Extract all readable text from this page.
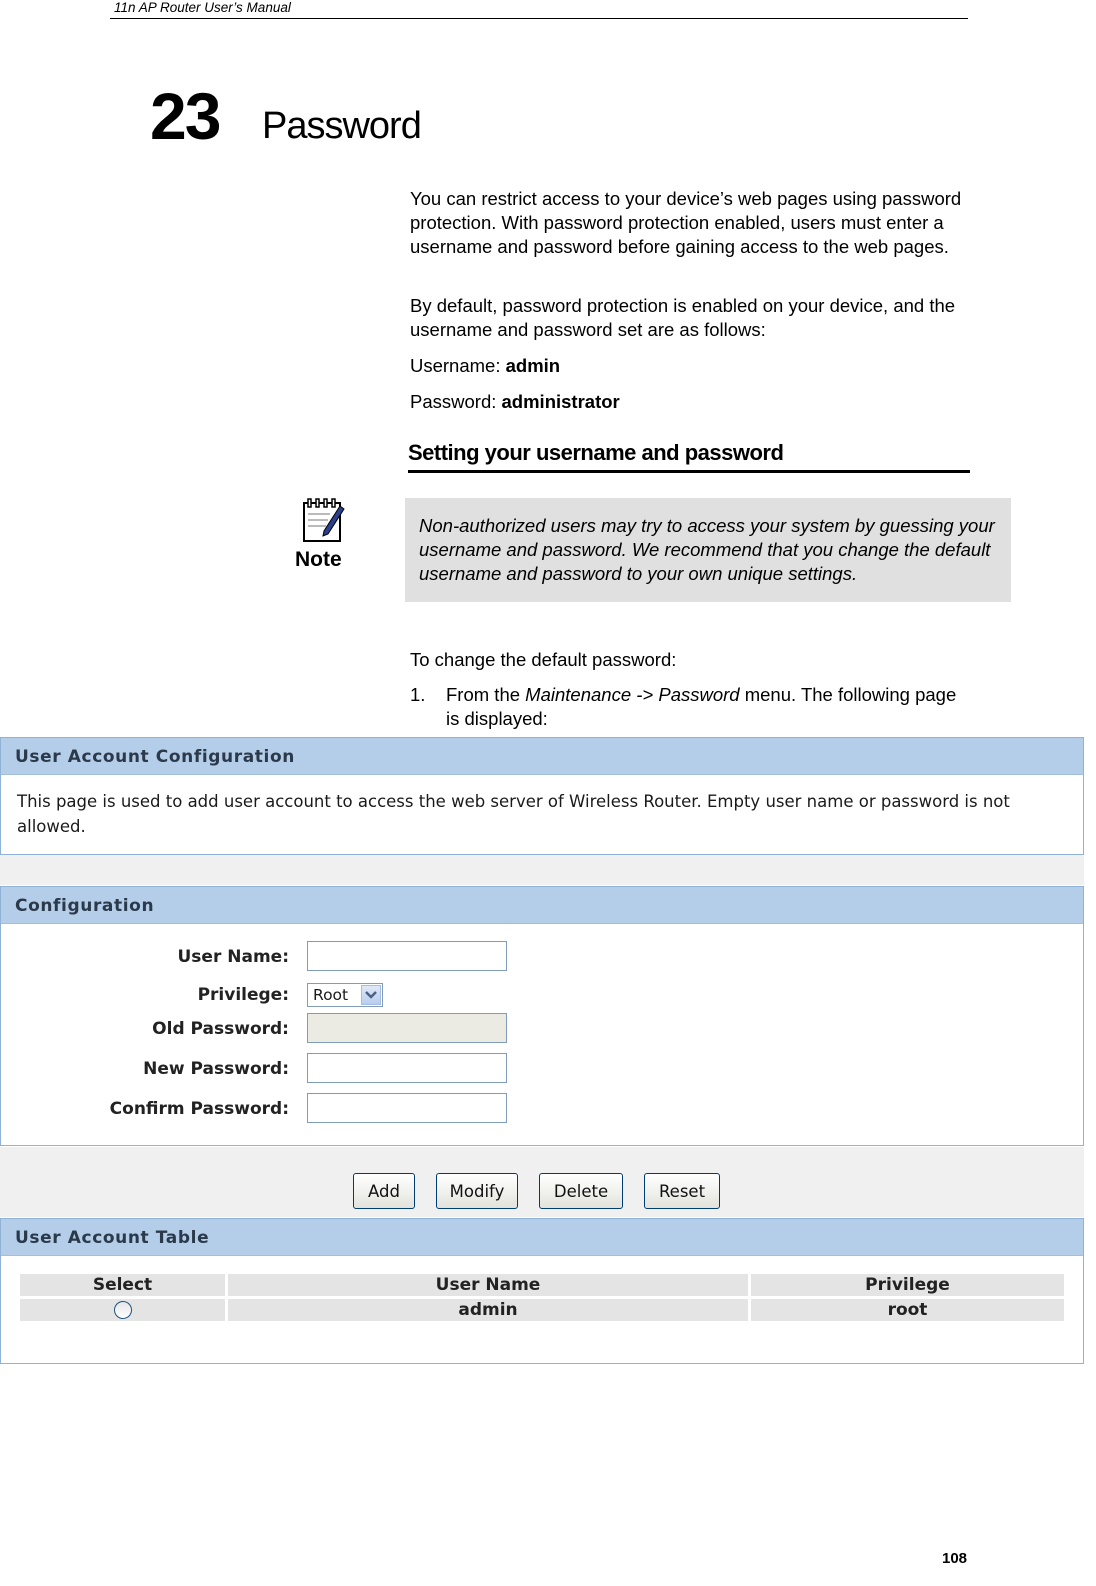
11n AP Router User’s Manual
23 Password
You can restrict access to your device’s web pages using password protection. With password protection enabled, users must enter a username and password before gaining access to the web pages.
By default, password protection is enabled on your device, and the username and password set are as follows:
Username: admin
Password: administrator
Setting your username and password
Note
Non-authorized users may try to access your system by guessing your username and password. We recommend that you change the default username and password to your own unique settings.
To change the default password:
1. From the Maintenance -> Password menu. The following page is displayed:
User Account Configuration
This page is used to add user account to access the web server of Wireless Router. Empty user name or password is not allowed.
Configuration
User Name:
Privilege: Root
Old Password:
New Password:
Confirm Password:
Add	Modify	Delete	Reset
User Account Table
Select	User Name	Privilege
	admin	root
108
